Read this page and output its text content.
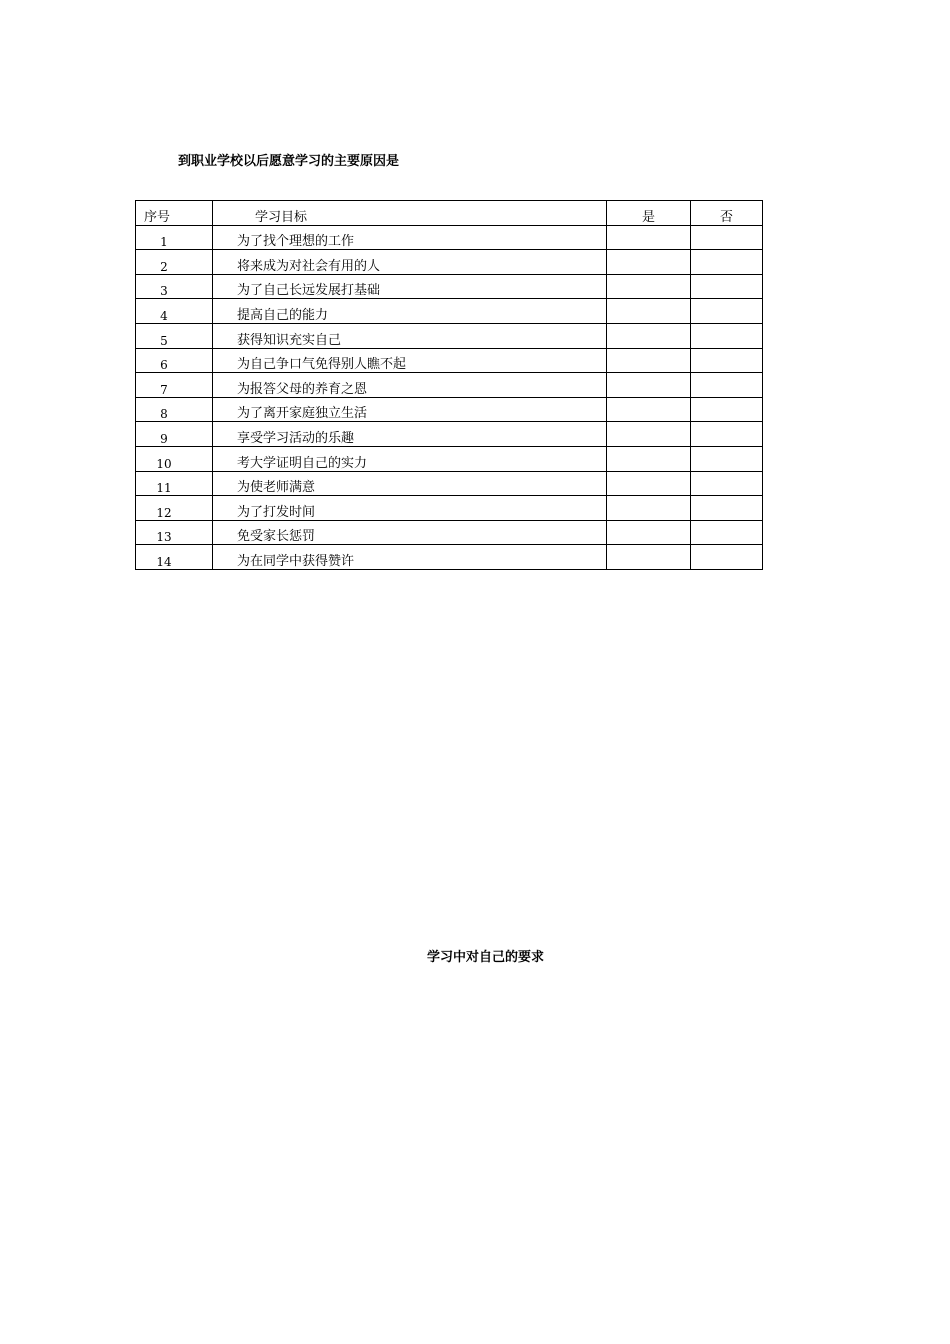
到职业学校以后愿意学习的主要原因是
序号	学习目标	是	否
1	为了找个理想的工作		
2	将来成为对社会有用的人		
3	为了自己长远发展打基础		
4	提高自己的能力		
5	获得知识充实自己		
6	为自己争口气免得别人瞧不起		
7	为报答父母的养育之恩		
8	为了离开家庭独立生活		
9	享受学习活动的乐趣		
10	考大学证明自己的实力		
11	为使老师满意		
12	为了打发时间		
13	免受家长惩罚		
14	为在同学中获得赞许		
学习中对自己的要求
